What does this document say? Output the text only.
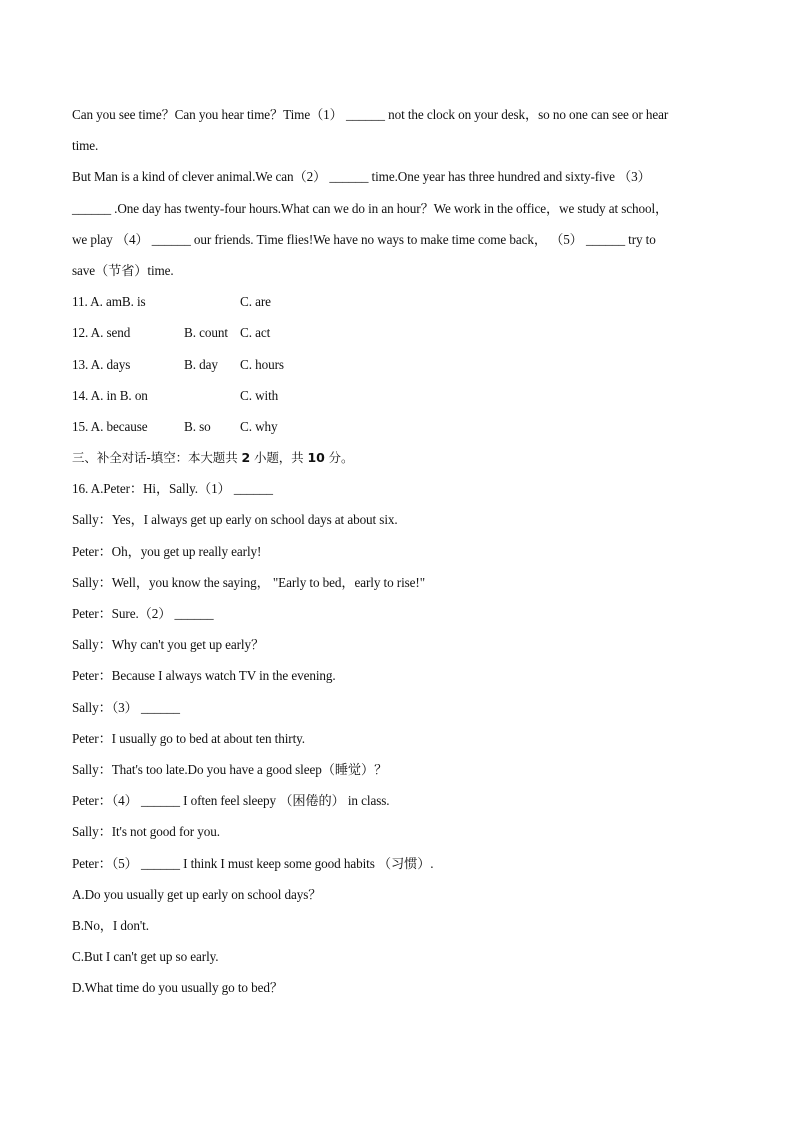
Can you see time？Can you hear time？Time（1） ______ not the clock on your desk，so no one can see or hear
time.
But Man is a kind of clever animal.We can（2） ______ time.One year has three hundred and sixty-five （3）
______ .One day has twenty-four hours.What can we do in an hour？We work in the office，we study at school，
we play （4） ______ our friends. Time flies!We have no ways to make time come back， （5） ______ try to
save（节省）time.
11. A. amB. is	C. are
12. A. send	B. count C. act
13. A. days	B. day	C. hours
14. A. in B. on	C. with
15. A. because	B. so	C. why
三、补全对话-填空：本大题共 2 小题，共 10 分。
16. A.Peter：Hi，Sally.（1） ______
Sally：Yes，I always get up early on school days at about six.
Peter：Oh，you get up really early!
Sally：Well，you know the saying， "Early to bed，early to rise!"
Peter：Sure.（2） ______
Sally：Why can't you get up early？
Peter：Because I always watch TV in the evening.
Sally：（3） ______
Peter：I usually go to bed at about ten thirty.
Sally：That's too late.Do you have a good sleep（睡觉）？
Peter：（4） ______ I often feel sleepy （困倦的） in class.
Sally：It's not good for you.
Peter：（5） ______ I think I must keep some good habits （习惯）.
A.Do you usually get up early on school days？
B.No，I don't.
C.But I can't get up so early.
D.What time do you usually go to bed？
